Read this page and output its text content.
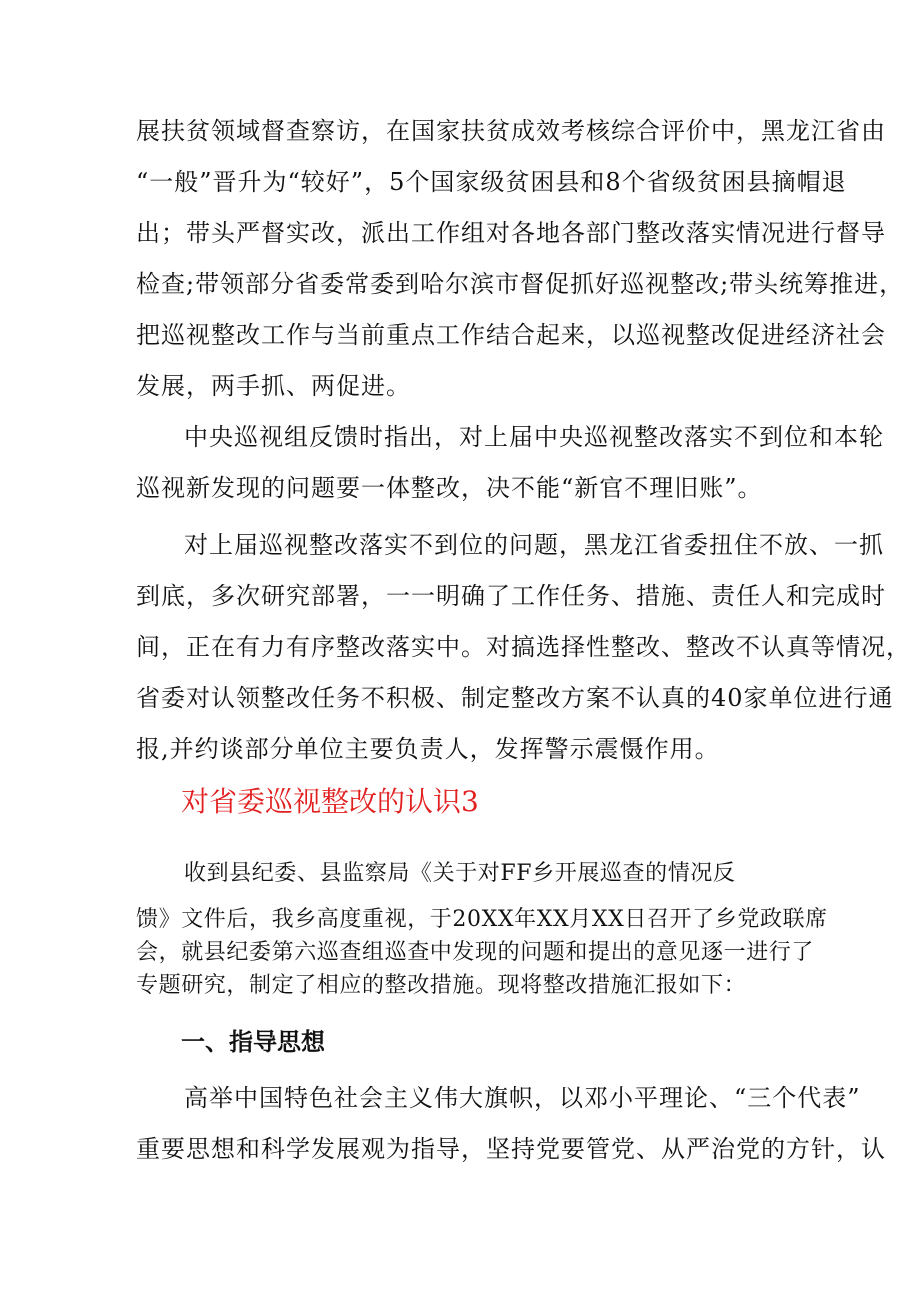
展扶贫领域督查察访，在国家扶贫成效考核综合评价中，黑龙江省由
“一般”晋升为“较好”，5个国家级贫困县和8个省级贫困县摘帽退
出；带头严督实改，派出工作组对各地各部门整改落实情况进行督导
检查;带领部分省委常委到哈尔滨市督促抓好巡视整改;带头统筹推进，
把巡视整改工作与当前重点工作结合起来，以巡视整改促进经济社会
发展，两手抓、两促进。
中央巡视组反馈时指出，对上届中央巡视整改落实不到位和本轮
巡视新发现的问题要一体整改，决不能“新官不理旧账”。
对上届巡视整改落实不到位的问题，黑龙江省委扭住不放、一抓
到底，多次研究部署，一一明确了工作任务、措施、责任人和完成时
间，正在有力有序整改落实中。对搞选择性整改、整改不认真等情况，
省委对认领整改任务不积极、制定整改方案不认真的40家单位进行通
报,并约谈部分单位主要负责人，发挥警示震慑作用。
对省委巡视整改的认识3
收到县纪委、县监察局《关于对FF乡开展巡查的情况反
馈》文件后，我乡高度重视，于20XX年XX月XX日召开了乡党政联席
会，就县纪委第六巡查组巡查中发现的问题和提出的意见逐一进行了
专题研究，制定了相应的整改措施。现将整改措施汇报如下：
一、指导思想
高举中国特色社会主义伟大旗帜，以邓小平理论、“三个代表”
重要思想和科学发展观为指导，坚持党要管党、从严治党的方针，认
